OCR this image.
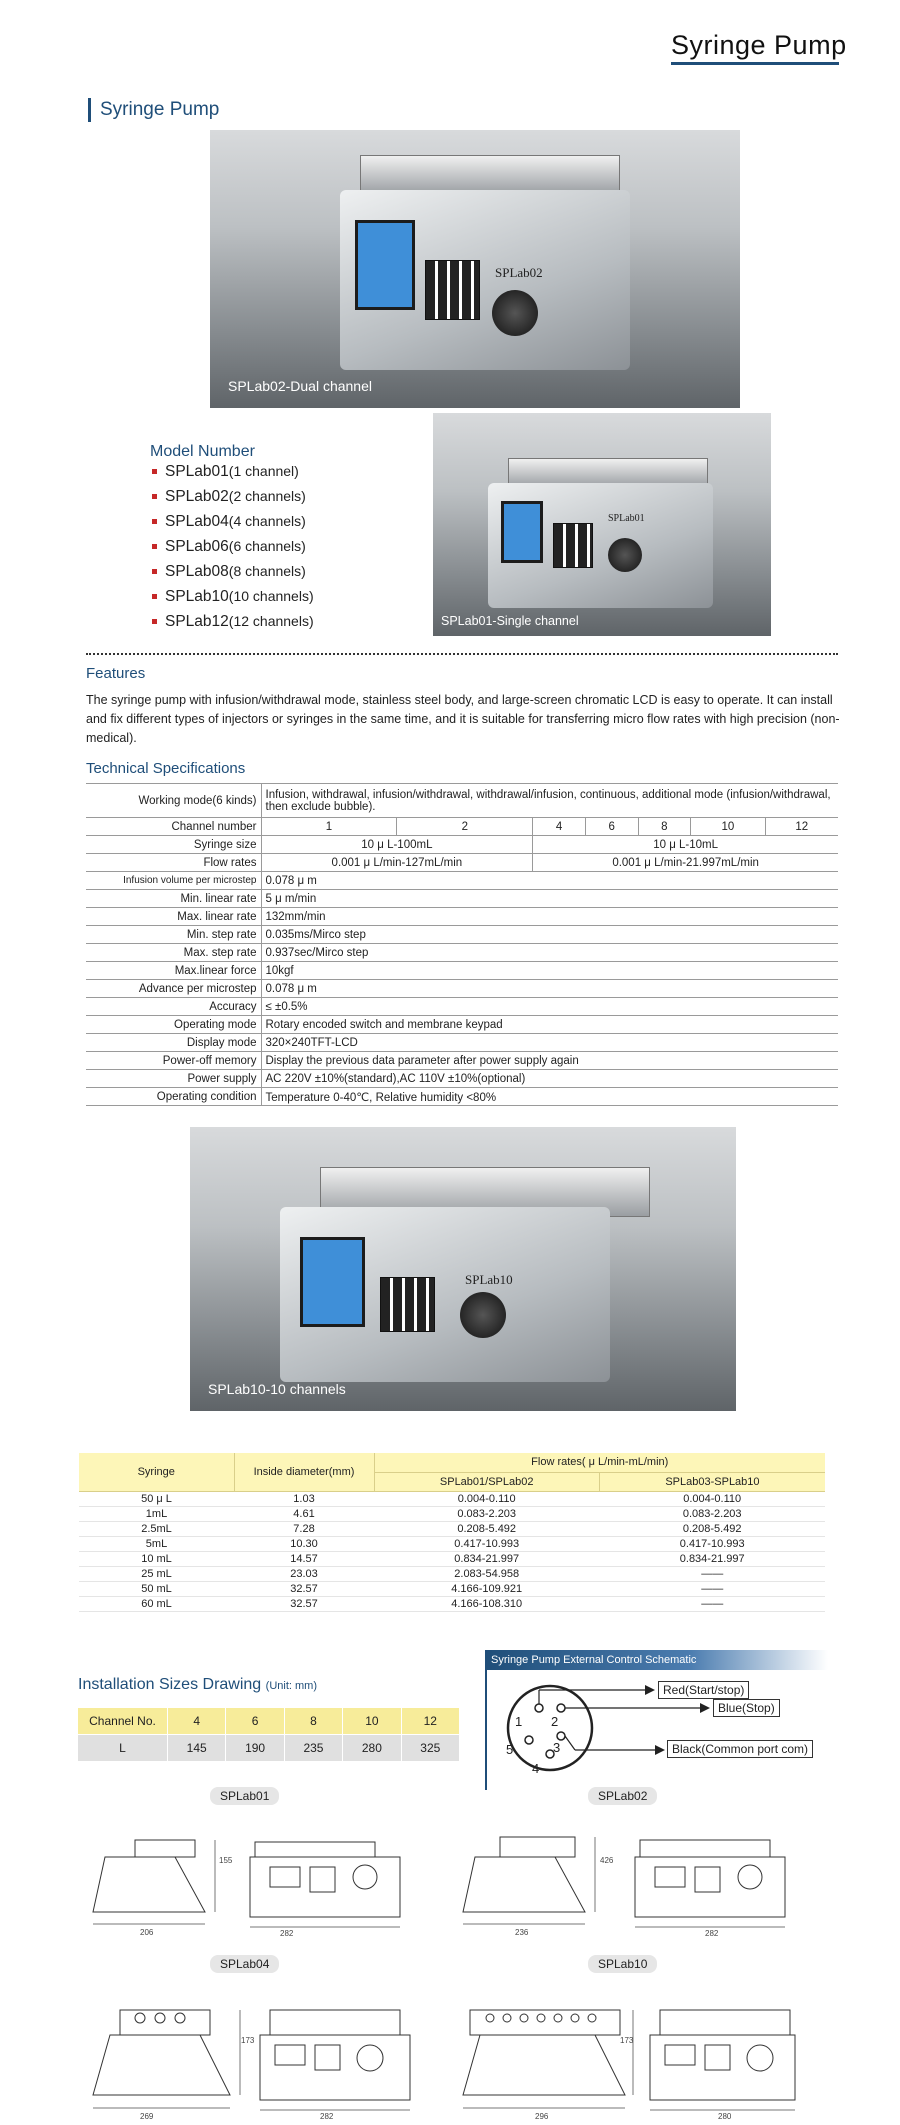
Syringe Pump
Syringe Pump
SPLab02
SPLab02-Dual channel
Model Number
SPLab01(1 channel)
SPLab02(2 channels)
SPLab04(4 channels)
SPLab06(6 channels)
SPLab08(8 channels)
SPLab10(10 channels)
SPLab12(12 channels)
SPLab01
SPLab01-Single channel
Features
The syringe pump with infusion/withdrawal mode, stainless steel body, and large-screen chromatic LCD is easy to operate. It can install and fix different types of injectors or syringes in the same time, and it is suitable for transferring micro flow rates with high precision (non-medical).
Technical Specifications
Working mode(6 kinds)	Infusion, withdrawal, infusion/withdrawal, withdrawal/infusion, continuous, additional mode (infusion/withdrawal, then exclude bubble).						
Channel number	1	2	4	6	8	10	12
Syringe size	10 μ L-100mL		10 μ L-10mL				
Flow rates	0.001 μ L/min-127mL/min		0.001 μ L/min-21.997mL/min				
Infusion volume per microstep	0.078 μ m						
Min. linear rate	5 μ m/min						
Max. linear rate	132mm/min						
Min. step rate	0.035ms/Mirco step						
Max. step rate	0.937sec/Mirco step						
Max.linear force	10kgf						
Advance per microstep	0.078 μ m						
Accuracy	≤ ±0.5%						
Operating mode	Rotary encoded switch and membrane keypad						
Display mode	320×240TFT-LCD						
Power-off memory	Display the previous data parameter after power supply again						
Power supply	AC 220V ±10%(standard),AC 110V ±10%(optional)						
Operating condition	Temperature 0-40℃, Relative humidity <80%						
SPLab10
SPLab10-10 channels
Syringe	Inside diameter(mm)	Flow rates( μ L/min-mL/min)	
		SPLab01/SPLab02	SPLab03-SPLab10
50 μ L	1.03	0.004-0.110	0.004-0.110
1mL	4.61	0.083-2.203	0.083-2.203
2.5mL	7.28	0.208-5.492	0.208-5.492
5mL	10.30	0.417-10.993	0.417-10.993
10 mL	14.57	0.834-21.997	0.834-21.997
25 mL	23.03	2.083-54.958	——
50 mL	32.57	4.166-109.921	——
60 mL	32.57	4.166-108.310	——
Installation Sizes Drawing (Unit: mm)
Channel No.	4	6	8	10	12
L	145	190	235	280	325
Syringe Pump External Control Schematic
1 2
3
4
5
Red(Start/stop)
Blue(Stop)
Black(Common port com)
SPLab01	SPLab02
SPLab04	SPLab10
206	282
155
236	282
426
269	282
173
296	280
173
